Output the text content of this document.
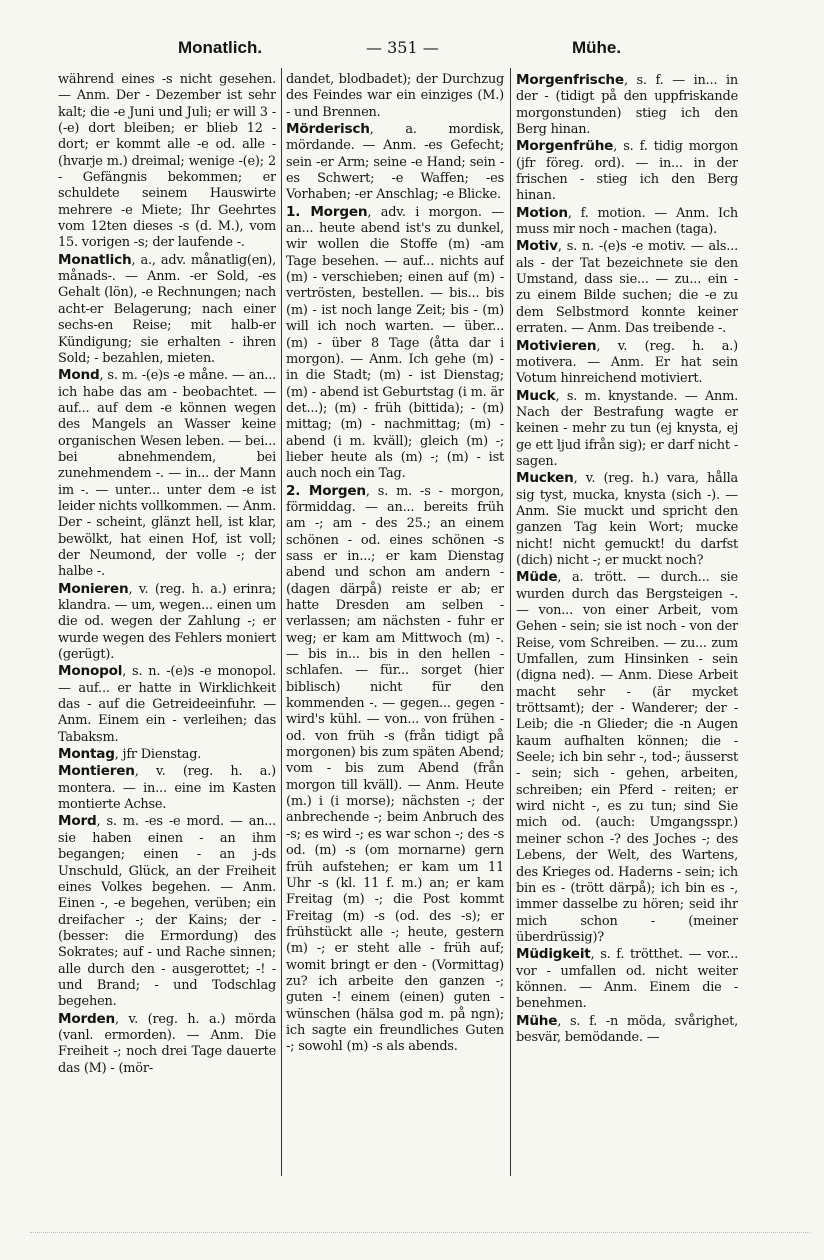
Monatlich.	— 351 —	Mühe.

während eines -s nicht gesehen. — Anm. Der - Dezember ist sehr kalt; die -e Juni und Juli; er will 3 - (-e) dort bleiben; er blieb 12 - dort; er kommt alle -e od. alle - (hvarje m.) dreimal; wenige -(e); 2 - Gefängnis bekommen; er schuldete seinem Hauswirte mehrere -e Miete; Ihr Geehrtes vom 12ten dieses -s (d. M.), vom 15. vorigen -s; der laufende -.

Monatlich, a., adv. månatlig(en), månads-. — Anm. -er Sold, -es Gehalt (lön), -e Rechnungen; nach acht-er Belagerung; nach einer sechs-en Reise; mit halb-er Kündigung; sie erhalten - ihren Sold; - bezahlen, mieten.

Mond, s. m. -(e)s -e måne. — an... ich habe das am - beobachtet. — auf... auf dem -e können wegen des Mangels an Wasser keine organischen Wesen leben. — bei... bei abnehmendem, bei zunehmendem -. — in... der Mann im -. — unter... unter dem -e ist leider nichts vollkommen. — Anm. Der - scheint, glänzt hell, ist klar, bewölkt, hat einen Hof, ist voll; der Neumond, der volle -; der halbe -.

Monieren, v. (reg. h. a.) erinra; klandra. — um, wegen... einen um die od. wegen der Zahlung -; er wurde wegen des Fehlers moniert (gerügt).

Monopol, s. n. -(e)s -e monopol. — auf... er hatte in Wirklichkeit das - auf die Getreideeinfuhr. — Anm. Einem ein - verleihen; das Tabaksm.

Montag, jfr Dienstag.

Montieren, v. (reg. h. a.) montera. — in... eine im Kasten montierte Achse.

Mord, s. m. -es -e mord. — an... sie haben einen - an ihm begangen; einen - an j-ds Unschuld, Glück, an der Freiheit eines Volkes begehen. — Anm. Einen -, -e begehen, verüben; ein dreifacher -; der Kains; der - (besser: die Ermordung) des Sokrates; auf - und Rache sinnen; alle durch den - ausgerottet; -! - und Brand; - und Todschlag begehen.

Morden, v. (reg. h. a.) mörda (vanl. ermorden). — Anm. Die Freiheit -; noch drei Tage dauerte das (M) - (mör-

dandet, blodbadet); der Durchzug des Feindes war ein einziges (M.) - und Brennen.

Mörderisch, a. mordisk, mördande. — Anm. -es Gefecht; sein -er Arm; seine -e Hand; sein -es Schwert; -e Waffen; -es Vorhaben; -er Anschlag; -e Blicke.

1. Morgen, adv. i morgon. — an... heute abend ist's zu dunkel, wir wollen die Stoffe (m) -am Tage besehen. — auf... nichts auf (m) - verschieben; einen auf (m) - vertrösten, bestellen. — bis... bis (m) - ist noch lange Zeit; bis - (m) will ich noch warten. — über... (m) - über 8 Tage (åtta dar i morgon). — Anm. Ich gehe (m) - in die Stadt; (m) - ist Dienstag; (m) - abend ist Geburtstag (i m. är det...); (m) - früh (bittida); - (m) mittag; (m) - nachmittag; (m) - abend (i m. kväll); gleich (m) -; lieber heute als (m) -; (m) - ist auch noch ein Tag.

2. Morgen, s. m. -s - morgon, förmiddag. — an... bereits früh am -; am - des 25.; an einem schönen - od. eines schönen -s sass er in...; er kam Dienstag abend und schon am andern - (dagen därpå) reiste er ab; er hatte Dresden am selben - verlassen; am nächsten - fuhr er weg; er kam am Mittwoch (m) -. — bis in... bis in den hellen - schlafen. — für... sorget (hier biblisch) nicht für den kommenden -. — gegen... gegen - wird's kühl. — von... von frühen - od. von früh -s (från tidigt på morgonen) bis zum späten Abend; vom - bis zum Abend (från morgon till kväll). — Anm. Heute (m.) i (i morse); nächsten -; der anbrechende -; beim Anbruch des -s; es wird -; es war schon -; des -s od. (m) -s (om mornarne) gern früh aufstehen; er kam um 11 Uhr -s (kl. 11 f. m.) an; er kam Freitag (m) -; die Post kommt Freitag (m) -s (od. des -s); er frühstückt alle -; heute, gestern (m) -; er steht alle - früh auf; womit bringt er den - (Vormittag) zu? ich arbeite den ganzen -; guten -! einem (einen) guten - wünschen (hälsa god m. på ngn); ich sagte ein freundliches Guten -; sowohl (m) -s als abends.

Morgenfrische, s. f. — in... in der - (tidigt på den uppfriskande morgonstunden) stieg ich den Berg hinan.

Morgenfrühe, s. f. tidig morgon (jfr föreg. ord). — in... in der frischen - stieg ich den Berg hinan.

Motion, f. motion. — Anm. Ich muss mir noch - machen (taga).

Motiv, s. n. -(e)s -e motiv. — als... als - der Tat bezeichnete sie den Umstand, dass sie... — zu... ein - zu einem Bilde suchen; die -e zu dem Selbstmord konnte keiner erraten. — Anm. Das treibende -.

Motivieren, v. (reg. h. a.) motivera. — Anm. Er hat sein Votum hinreichend motiviert.

Muck, s. m. knystande. — Anm. Nach der Bestrafung wagte er keinen - mehr zu tun (ej knysta, ej ge ett ljud ifrån sig); er darf nicht - sagen.

Mucken, v. (reg. h.) vara, hålla sig tyst, mucka, knysta (sich -). — Anm. Sie muckt und spricht den ganzen Tag kein Wort; mucke nicht! nicht gemuckt! du darfst (dich) nicht -; er muckt noch?

Müde, a. trött. — durch... sie wurden durch das Bergsteigen -. — von... von einer Arbeit, vom Gehen - sein; sie ist noch - von der Reise, vom Schreiben. — zu... zum Umfallen, zum Hinsinken - sein (digna ned). — Anm. Diese Arbeit macht sehr - (är mycket tröttsamt); der - Wanderer; der - Leib; die -n Glieder; die -n Augen kaum aufhalten können; die - Seele; ich bin sehr -, tod-; äusserst - sein; sich - gehen, arbeiten, schreiben; ein Pferd - reiten; er wird nicht -, es zu tun; sind Sie mich od. (auch: Umgangsspr.) meiner schon -? des Joches -; des Lebens, der Welt, des Wartens, des Krieges od. Haderns - sein; ich bin es - (trött därpå); ich bin es -, immer dasselbe zu hören; seid ihr mich schon - (meiner überdrüssig)?

Müdigkeit, s. f. trötthet. — vor... vor - umfallen od. nicht weiter können. — Anm. Einem die - benehmen.

Mühe, s. f. -n möda, svårighet, besvär, bemödande. —
